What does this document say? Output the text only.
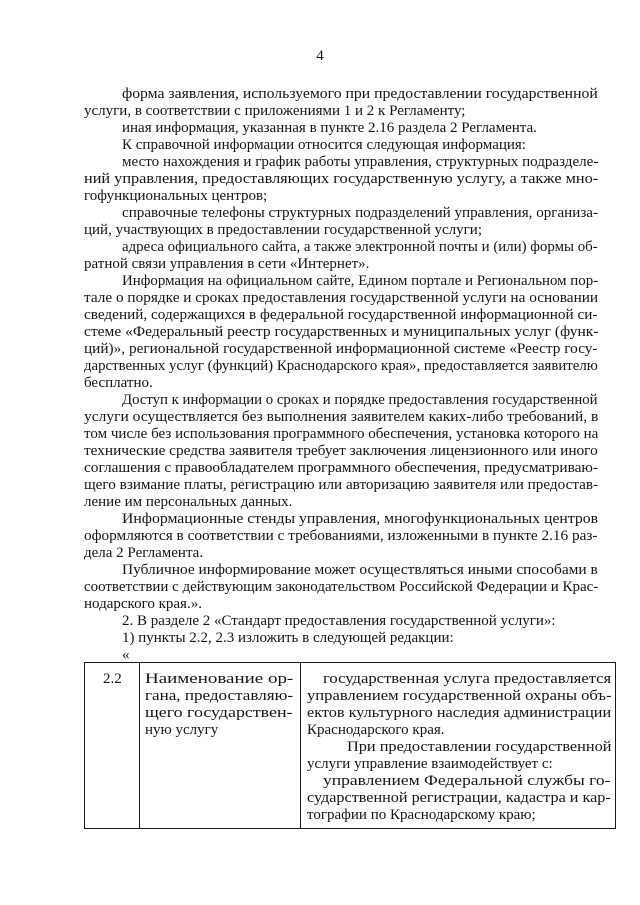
4
форма заявления, используемого при предоставлении государственной
услуги, в соответствии с приложениями 1 и 2 к Регламенту;
иная информация, указанная в пункте 2.16 раздела 2 Регламента.
К справочной информации относится следующая информация:
место нахождения и график работы управления, структурных подразделе-
ний управления, предоставляющих государственную услугу, а также мно-
гофункциональных центров;
справочные телефоны структурных подразделений управления, организа-
ций, участвующих в предоставлении государственной услуги;
адреса официального сайта, а также электронной почты и (или) формы об-
ратной связи управления в сети «Интернет».
Информация на официальном сайте, Едином портале и Региональном пор-
тале о порядке и сроках предоставления государственной услуги на основании
сведений, содержащихся в федеральной государственной информационной си-
стеме «Федеральный реестр государственных и муниципальных услуг (функ-
ций)», региональной государственной информационной системе «Реестр госу-
дарственных услуг (функций) Краснодарского края», предоставляется заявителю
бесплатно.
Доступ к информации о сроках и порядке предоставления государственной
услуги осуществляется без выполнения заявителем каких-либо требований, в
том числе без использования программного обеспечения, установка которого на
технические средства заявителя требует заключения лицензионного или иного
соглашения с правообладателем программного обеспечения, предусматриваю-
щего взимание платы, регистрацию или авторизацию заявителя или предостав-
ление им персональных данных.
Информационные стенды управления, многофункциональных центров
оформляются в соответствии с требованиями, изложенными в пункте 2.16 раз-
дела 2 Регламента.
Публичное информирование может осуществляться иными способами в
соответствии с действующим законодательством Российской Федерации и Крас-
нодарского края.».
2. В разделе 2 «Стандарт предоставления государственной услуги»:
1) пункты 2.2, 2.3 изложить в следующей редакции:
«
2.2 Наименование ор-
гана, предоставляю-
щего государствен-
ную услугу
государственная услуга предоставляется
управлением государственной охраны объ-
ектов культурного наследия администрации
Краснодарского края.
При предоставлении государственной
услуги управление взаимодействует с:
управлением Федеральной службы го-
сударственной регистрации, кадастра и кар-
тографии по Краснодарскому краю;
